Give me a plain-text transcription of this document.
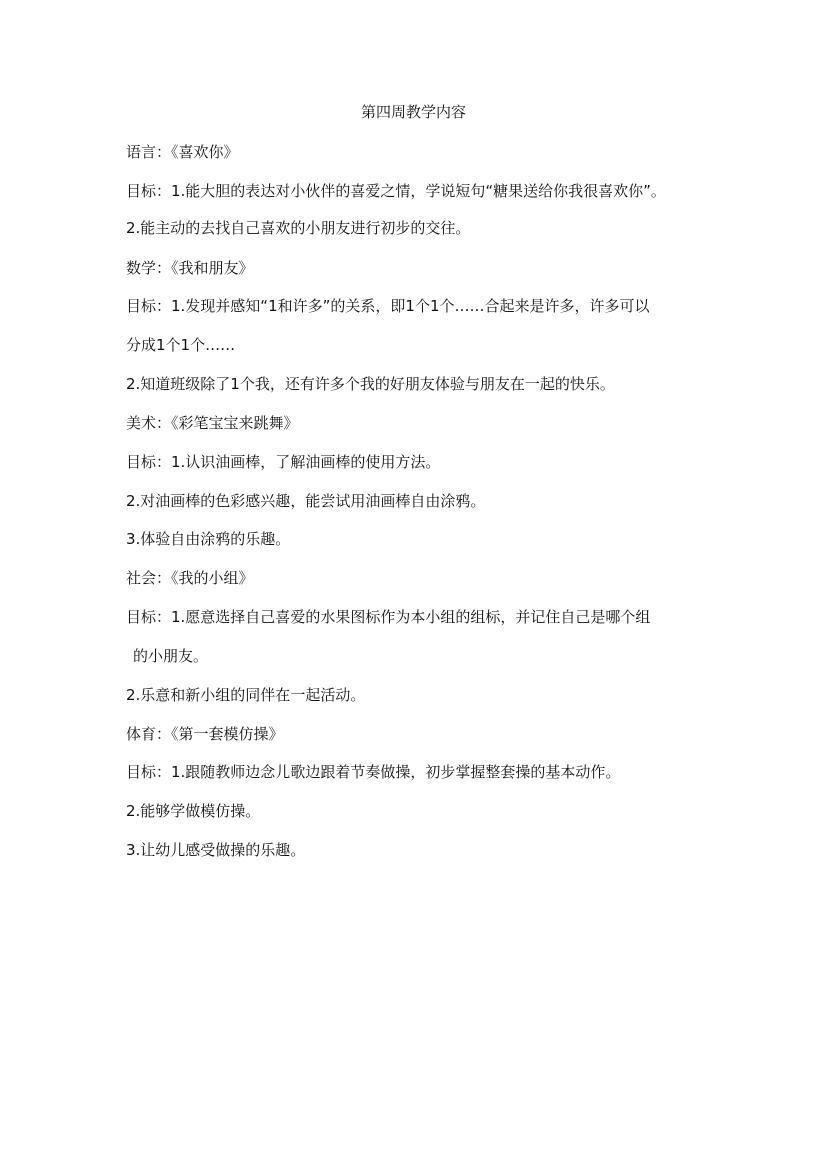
第四周教学内容
语言：《喜欢你》
目标：1.能大胆的表达对小伙伴的喜爱之情，学说短句“糖果送给你我很喜欢你”。
2.能主动的去找自己喜欢的小朋友进行初步的交往。
数学：《我和朋友》
目标：1.发现并感知“1和许多”的关系，即1个1个……合起来是许多，许多可以
分成1个1个……
2.知道班级除了1个我，还有许多个我的好朋友体验与朋友在一起的快乐。
美术：《彩笔宝宝来跳舞》
目标：1.认识油画棒，了解油画棒的使用方法。
2.对油画棒的色彩感兴趣，能尝试用油画棒自由涂鸦。
3.体验自由涂鸦的乐趣。
社会：《我的小组》
目标：1.愿意选择自己喜爱的水果图标作为本小组的组标，并记住自己是哪个组
的小朋友。
2.乐意和新小组的同伴在一起活动。
体育：《第一套模仿操》
目标：1.跟随教师边念儿歌边跟着节奏做操，初步掌握整套操的基本动作。
2.能够学做模仿操。
3.让幼儿感受做操的乐趣。
